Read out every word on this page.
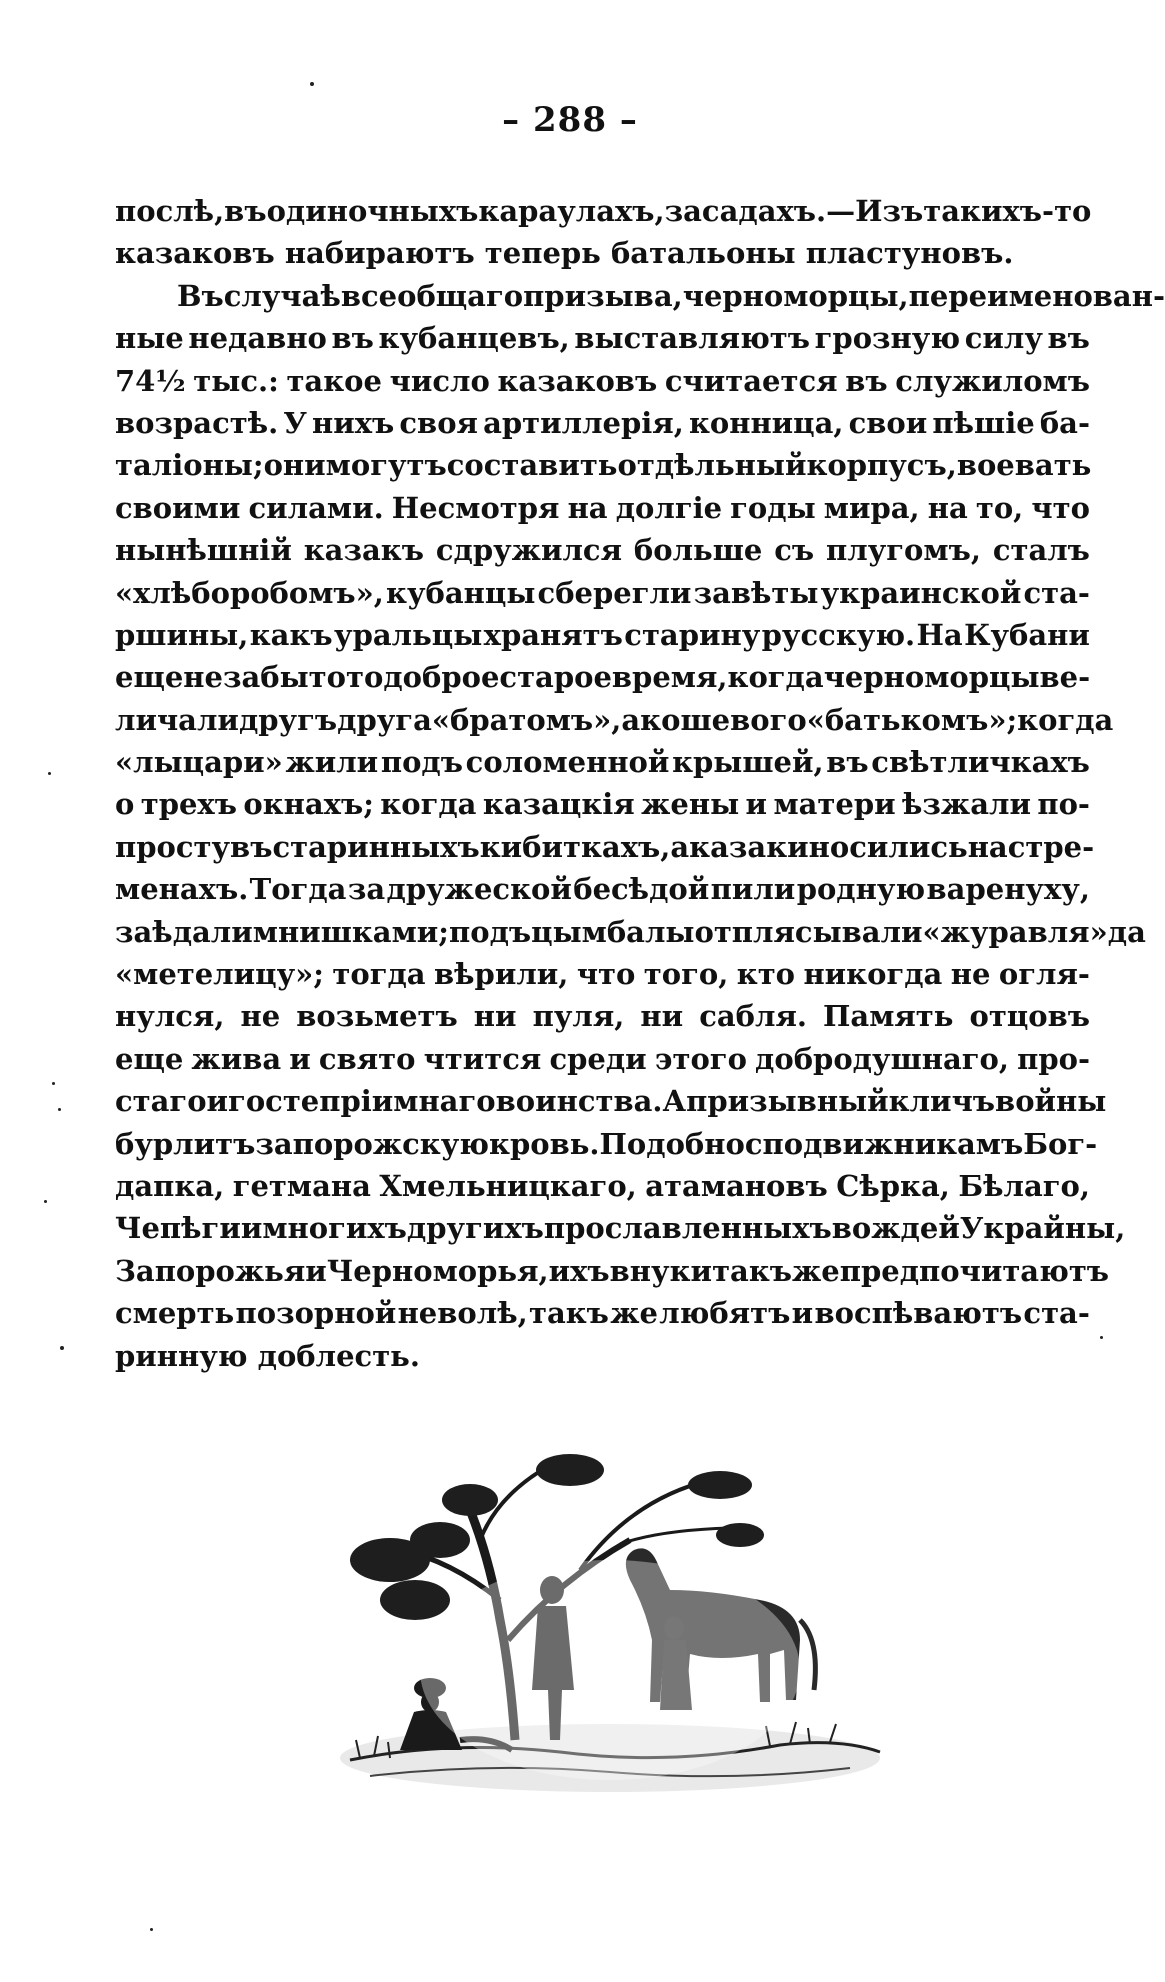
– 288 –
послѣ, въ одиночныхъ караулахъ, засадахъ. — Изъ такихъ-то
казаковъ набираютъ теперь батальоны пластуновъ.
Въ случаѣ всеобщаго призыва, черноморцы, переименован-
ные недавно въ кубанцевъ, выставляютъ грозную силу въ
74½ тыс.: такое число казаковъ считается въ служиломъ
возрастѣ. У нихъ своя артиллерія, конница, свои пѣшіе ба-
таліоны; они могутъ составить отдѣльный корпусъ, воевать
своими силами. Несмотря на долгіе годы мира, на то, что
нынѣшній казакъ сдружился больше съ плугомъ, сталъ
«хлѣборобомъ», кубанцы сберегли завѣты украинской ста-
ршины, какъ уральцы хранятъ старину русскую. На Кубани
еще не забыто то доброе старое время, когда черноморцы ве-
личали другъ друга «братомъ», а кошевого «батькомъ»; когда
«лыцари» жили подъ соломенной крышей, въ свѣтличкахъ
о трехъ окнахъ; когда казацкія жены и матери ѣзжали по-
просту въ старинныхъ кибиткахъ, а казаки носились на стре-
менахъ. Тогда за дружеской бесѣдой пили родную варенуху,
заѣдали мнишками; подъ цымбалы отплясывали «журавля» да
«метелицу»; тогда вѣрили, что того, кто никогда не огля-
нулся, не возьметъ ни пуля, ни сабля. Память отцовъ
еще жива и свято чтится среди этого добродушнаго, про-
стаго и гостепріимнаго воинства. А призывный кличъ войны
бурлитъ запорожскую кровь. Подобно сподвижникамъ Бог-
дапка, гетмана Хмельницкаго, атамановъ Сѣрка, Бѣлаго,
Чепѣги и многихъ другихъ прославленныхъ вождей Украйны,
Запорожья и Черноморья, ихъ внуки такъ же предпочитаютъ
смерть позорной неволѣ, такъ же любятъ и воспѣваютъ ста-
ринную доблесть.
